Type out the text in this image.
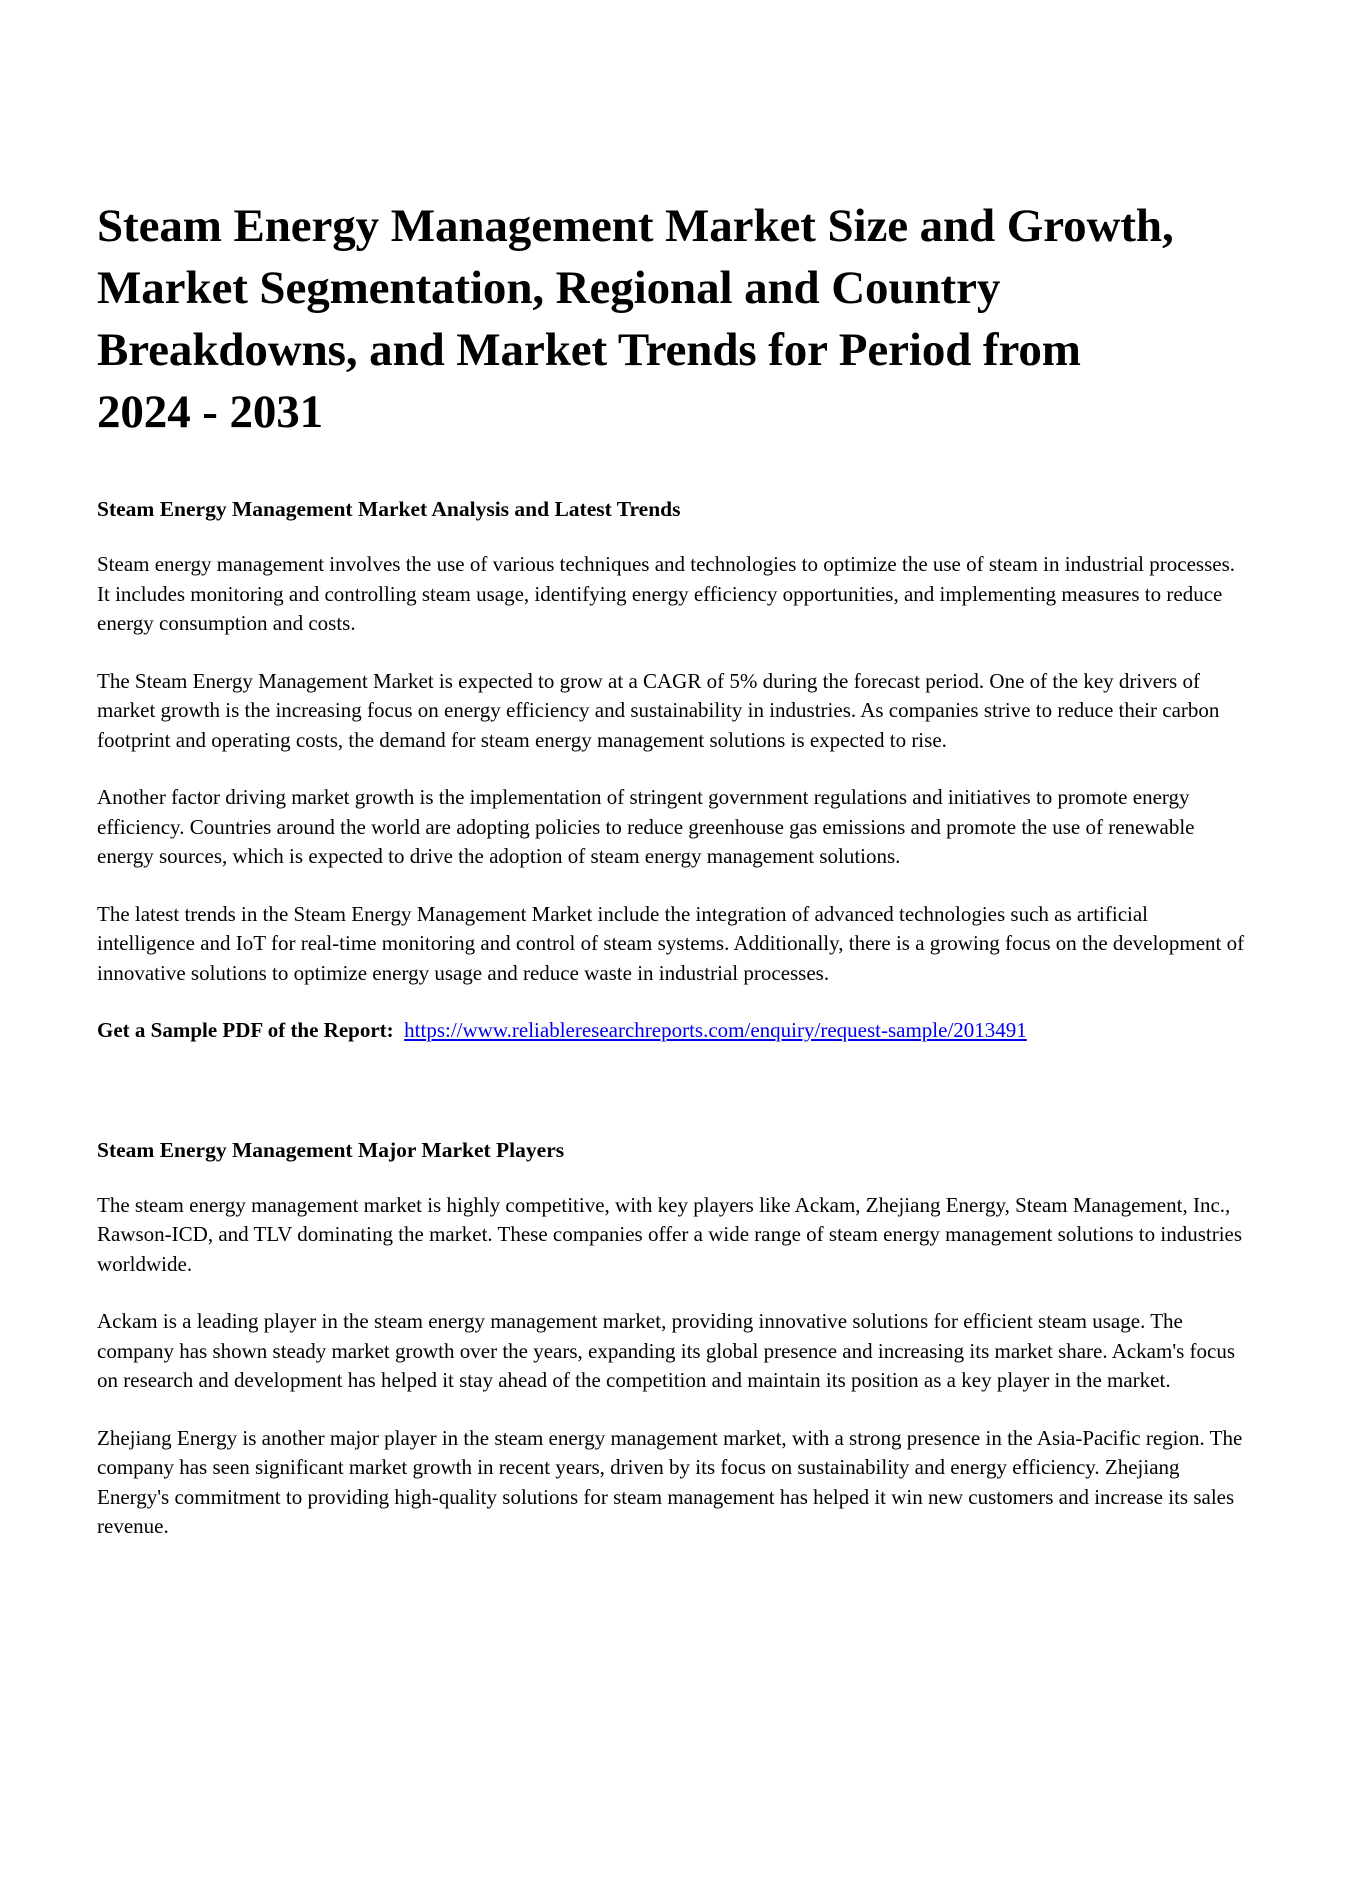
Steam Energy Management Market Size and Growth, Market Segmentation, Regional and Country Breakdowns, and Market Trends for Period from 2024 - 2031
Steam Energy Management Market Analysis and Latest Trends

Steam energy management involves the use of various techniques and technologies to optimize the use of steam in industrial processes. It includes monitoring and controlling steam usage, identifying energy efficiency opportunities, and implementing measures to reduce energy consumption and costs.

The Steam Energy Management Market is expected to grow at a CAGR of 5% during the forecast period. One of the key drivers of market growth is the increasing focus on energy efficiency and sustainability in industries. As companies strive to reduce their carbon footprint and operating costs, the demand for steam energy management solutions is expected to rise.

Another factor driving market growth is the implementation of stringent government regulations and initiatives to promote energy efficiency. Countries around the world are adopting policies to reduce greenhouse gas emissions and promote the use of renewable energy sources, which is expected to drive the adoption of steam energy management solutions.

The latest trends in the Steam Energy Management Market include the integration of advanced technologies such as artificial intelligence and IoT for real-time monitoring and control of steam systems. Additionally, there is a growing focus on the development of innovative solutions to optimize energy usage and reduce waste in industrial processes.

Get a Sample PDF of the Report: https://www.reliableresearchreports.com/enquiry/request-sample/2013491
Steam Energy Management Major Market Players

The steam energy management market is highly competitive, with key players like Ackam, Zhejiang Energy, Steam Management, Inc., Rawson-ICD, and TLV dominating the market. These companies offer a wide range of steam energy management solutions to industries worldwide.

Ackam is a leading player in the steam energy management market, providing innovative solutions for efficient steam usage. The company has shown steady market growth over the years, expanding its global presence and increasing its market share. Ackam's focus on research and development has helped it stay ahead of the competition and maintain its position as a key player in the market.

Zhejiang Energy is another major player in the steam energy management market, with a strong presence in the Asia-Pacific region. The company has seen significant market growth in recent years, driven by its focus on sustainability and energy efficiency. Zhejiang Energy's commitment to providing high-quality solutions for steam management has helped it win new customers and increase its sales revenue.
